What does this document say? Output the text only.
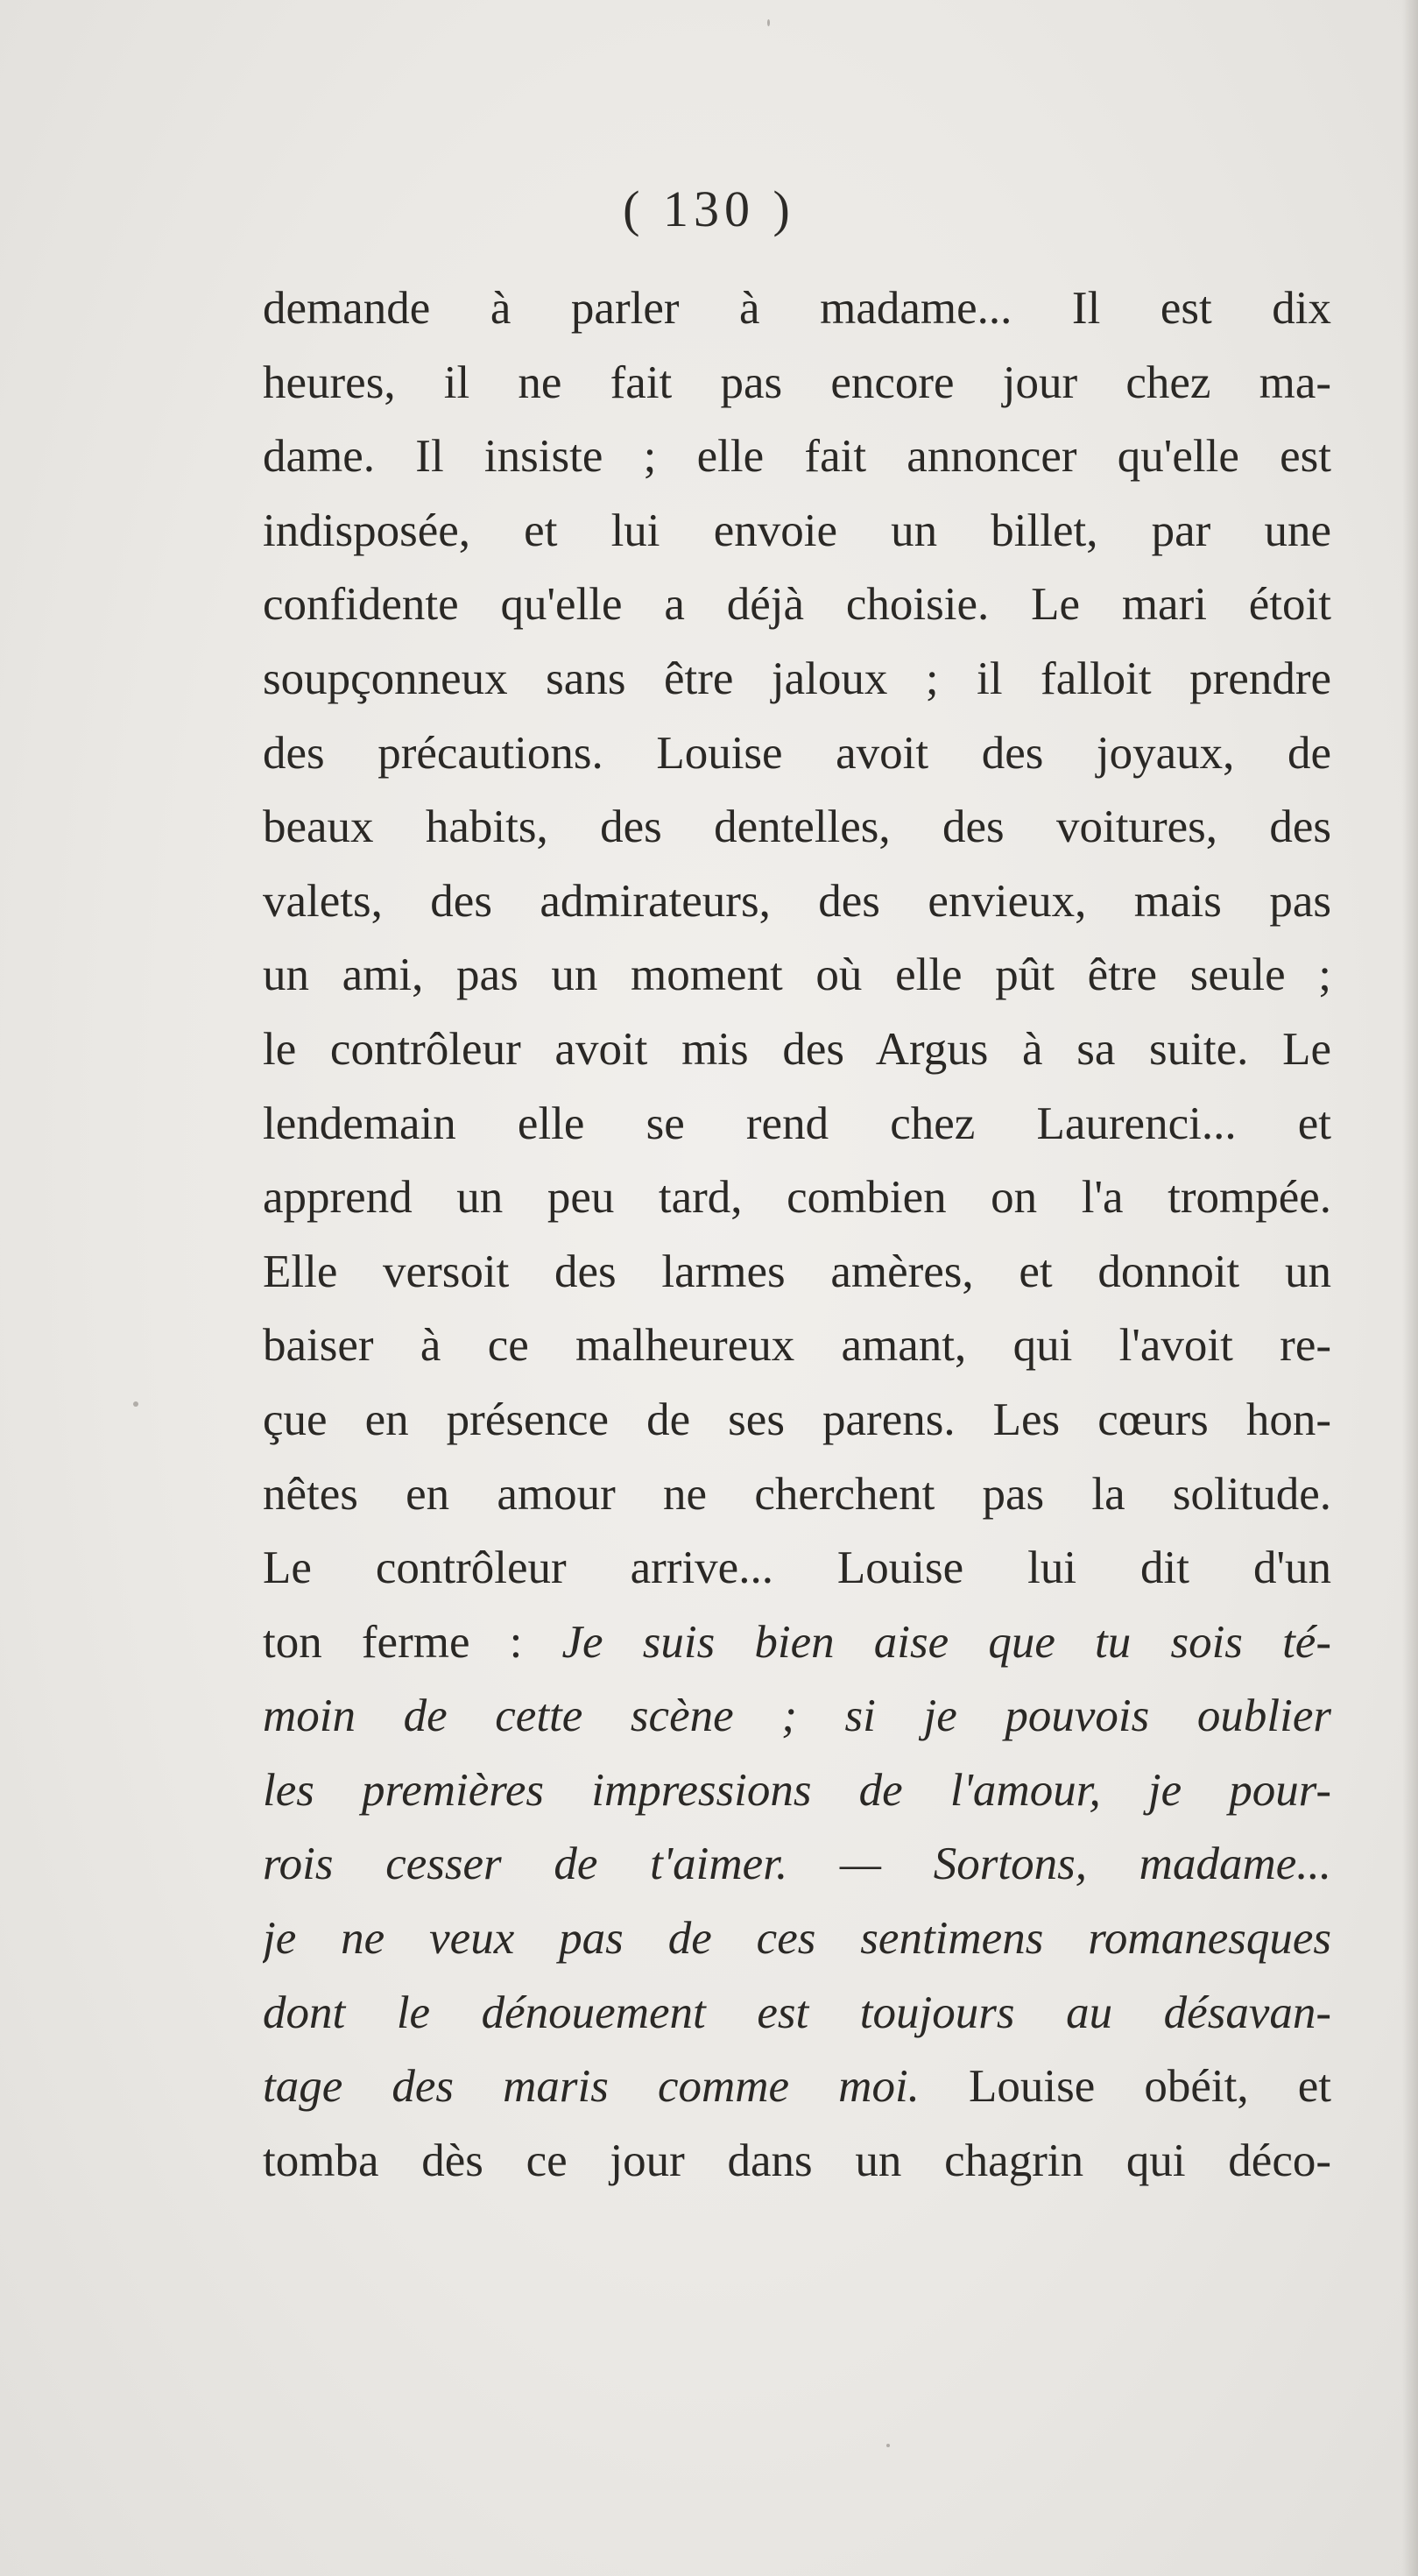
( 130 )
demande à parler à madame... Il est dix
heures, il ne fait pas encore jour chez ma-
dame. Il insiste ; elle fait annoncer qu'elle est
indisposée, et lui envoie un billet, par une
confidente qu'elle a déjà choisie. Le mari étoit
soupçonneux sans être jaloux ; il falloit prendre
des précautions. Louise avoit des joyaux, de
beaux habits, des dentelles, des voitures, des
valets, des admirateurs, des envieux, mais pas
un ami, pas un moment où elle pût être seule ;
le contrôleur avoit mis des Argus à sa suite. Le
lendemain elle se rend chez Laurenci... et
apprend un peu tard, combien on l'a trompée.
Elle versoit des larmes amères, et donnoit un
baiser à ce malheureux amant, qui l'avoit re-
çue en présence de ses parens. Les cœurs hon-
nêtes en amour ne cherchent pas la solitude.
Le contrôleur arrive... Louise lui dit d'un
ton ferme : Je suis bien aise que tu sois té-
moin de cette scène ; si je pouvois oublier
les premières impressions de l'amour, je pour-
rois cesser de t'aimer. — Sortons, madame...
je ne veux pas de ces sentimens romanesques
dont le dénouement est toujours au désavan-
tage des maris comme moi. Louise obéit, et
tomba dès ce jour dans un chagrin qui déco-
